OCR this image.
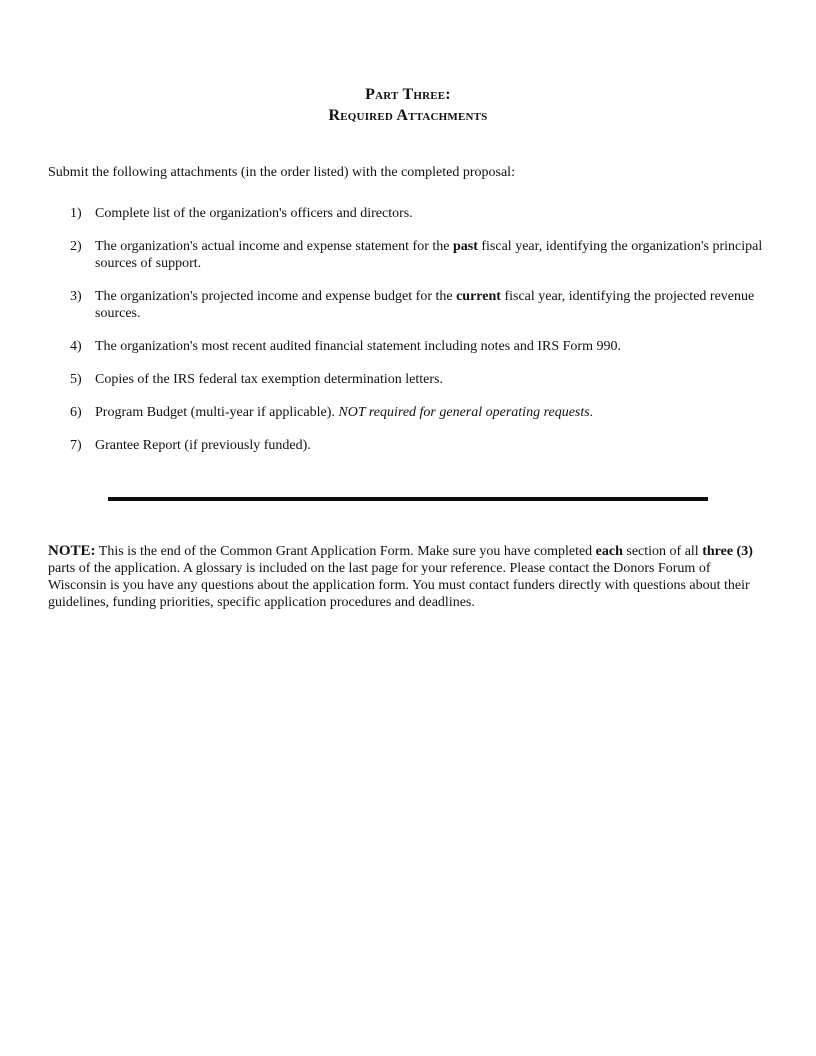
Part Three:
Required Attachments
Submit the following attachments (in the order listed) with the completed proposal:
1) Complete list of the organization's officers and directors.
2) The organization's actual income and expense statement for the past fiscal year, identifying the organization's principal sources of support.
3) The organization's projected income and expense budget for the current fiscal year, identifying the projected revenue sources.
4) The organization's most recent audited financial statement including notes and IRS Form 990.
5) Copies of the IRS federal tax exemption determination letters.
6) Program Budget (multi-year if applicable). NOT required for general operating requests.
7) Grantee Report (if previously funded).
NOTE: This is the end of the Common Grant Application Form. Make sure you have completed each section of all three (3) parts of the application. A glossary is included on the last page for your reference. Please contact the Donors Forum of Wisconsin is you have any questions about the application form. You must contact funders directly with questions about their guidelines, funding priorities, specific application procedures and deadlines.
